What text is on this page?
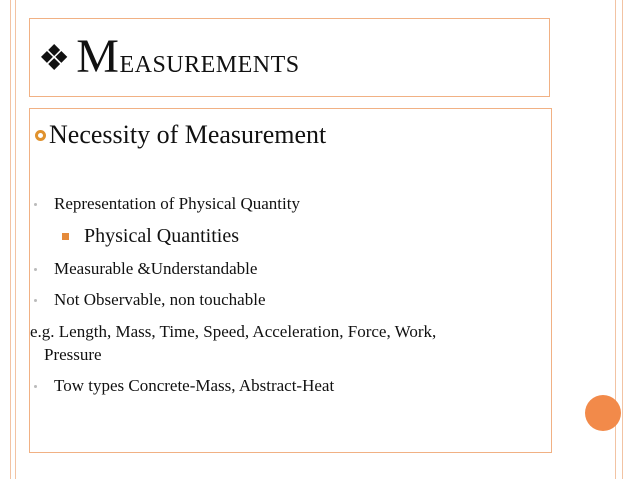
❖ Measurements
Necessity of Measurement
Representation of Physical Quantity
Physical Quantities
Measurable &Understandable
Not Observable, non touchable
e.g. Length, Mass, Time, Speed, Acceleration, Force, Work,
Pressure
Tow types Concrete-Mass, Abstract-Heat
